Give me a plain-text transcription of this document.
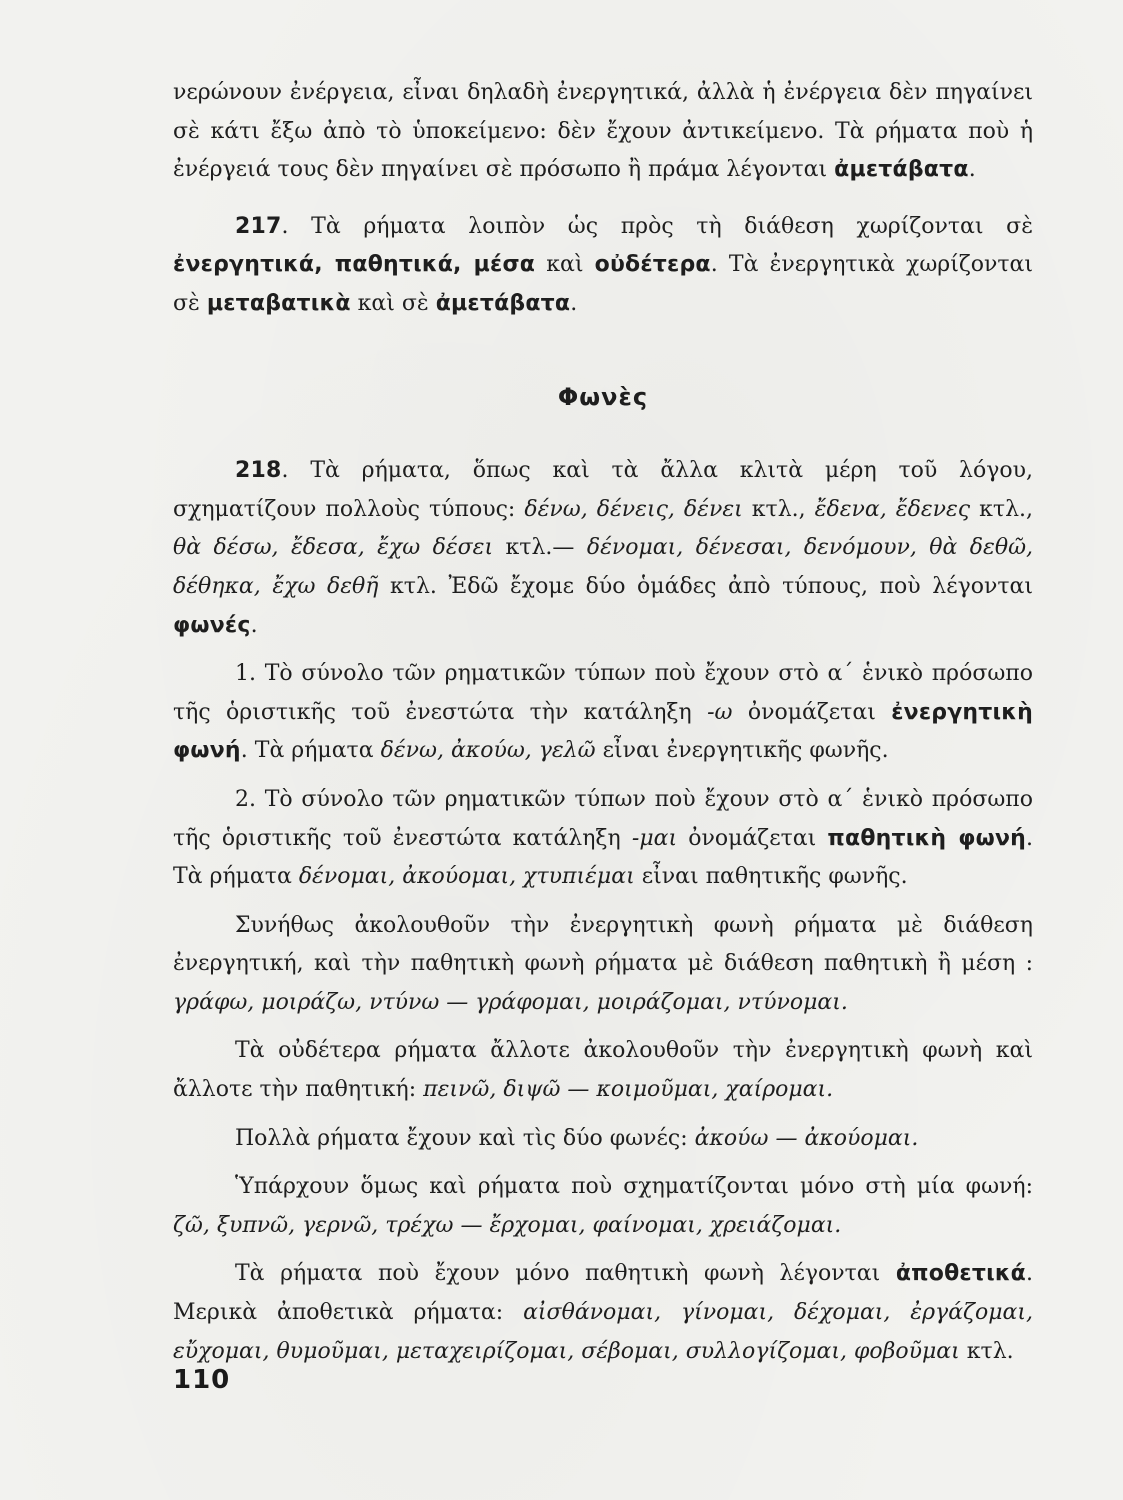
νερώνουν ἐνέργεια, εἶναι δηλαδὴ ἐνεργητικά, ἀλλὰ ἡ ἐνέργεια δὲν πηγαίνει σὲ κάτι ἔξω ἀπὸ τὸ ὑποκείμενο: δὲν ἔχουν ἀντικείμενο. Τὰ ρήματα ποὺ ἡ ἐνέργειά τους δὲν πηγαίνει σὲ πρόσωπο ἢ πράμα λέγονται ἀμετάβατα.

217. Τὰ ρήματα λοιπὸν ὡς πρὸς τὴ διάθεση χωρίζονται σὲ ἐνεργητικά, παθητικά, μέσα καὶ οὐδέτερα. Τὰ ἐνεργητικὰ χωρίζονται σὲ μεταβατικὰ καὶ σὲ ἀμετάβατα.

Φωνὲς

218. Τὰ ρήματα, ὅπως καὶ τὰ ἄλλα κλιτὰ μέρη τοῦ λόγου, σχηματίζουν πολλοὺς τύπους: δένω, δένεις, δένει κτλ., ἔδενα, ἔδενες κτλ., θὰ δέσω, ἔδεσα, ἔχω δέσει κτλ.— δένομαι, δένεσαι, δενόμουν, θὰ δεθῶ, δέθηκα, ἔχω δεθῆ κτλ. Ἐδῶ ἔχομε δύο ὁμάδες ἀπὸ τύπους, ποὺ λέγονται φωνές.

1. Τὸ σύνολο τῶν ρηματικῶν τύπων ποὺ ἔχουν στὸ α΄ ἑνικὸ πρόσωπο τῆς ὁριστικῆς τοῦ ἐνεστώτα τὴν κατάληξη -ω ὀνομάζεται ἐνεργητικὴ φωνή. Τὰ ρήματα δένω, ἀκούω, γελῶ εἶναι ἐνεργητικῆς φωνῆς.

2. Τὸ σύνολο τῶν ρηματικῶν τύπων ποὺ ἔχουν στὸ α΄ ἑνικὸ πρόσωπο τῆς ὁριστικῆς τοῦ ἐνεστώτα κατάληξη -μαι ὀνομάζεται παθητικὴ φωνή. Τὰ ρήματα δένομαι, ἀκούομαι, χτυπιέμαι εἶναι παθητικῆς φωνῆς.

Συνήθως ἀκολουθοῦν τὴν ἐνεργητικὴ φωνὴ ρήματα μὲ διάθεση ἐνεργητική, καὶ τὴν παθητικὴ φωνὴ ρήματα μὲ διάθεση παθητικὴ ἢ μέση : γράφω, μοιράζω, ντύνω — γράφομαι, μοιράζομαι, ντύνομαι.

Τὰ οὐδέτερα ρήματα ἄλλοτε ἀκολουθοῦν τὴν ἐνεργητικὴ φωνὴ καὶ ἄλλοτε τὴν παθητική: πεινῶ, διψῶ — κοιμοῦμαι, χαίρομαι.

Πολλὰ ρήματα ἔχουν καὶ τὶς δύο φωνές: ἀκούω — ἀκούομαι.

Ὑπάρχουν ὅμως καὶ ρήματα ποὺ σχηματίζονται μόνο στὴ μία φωνή: ζῶ, ξυπνῶ, γερνῶ, τρέχω — ἔρχομαι, φαίνομαι, χρειάζομαι.

Τὰ ρήματα ποὺ ἔχουν μόνο παθητικὴ φωνὴ λέγονται ἀποθετικά. Μερικὰ ἀποθετικὰ ρήματα: αἰσθάνομαι, γίνομαι, δέχομαι, ἐργάζομαι, εὔχομαι, θυμοῦμαι, μεταχειρίζομαι, σέβομαι, συλλογίζομαι, φοβοῦμαι κτλ.

110
